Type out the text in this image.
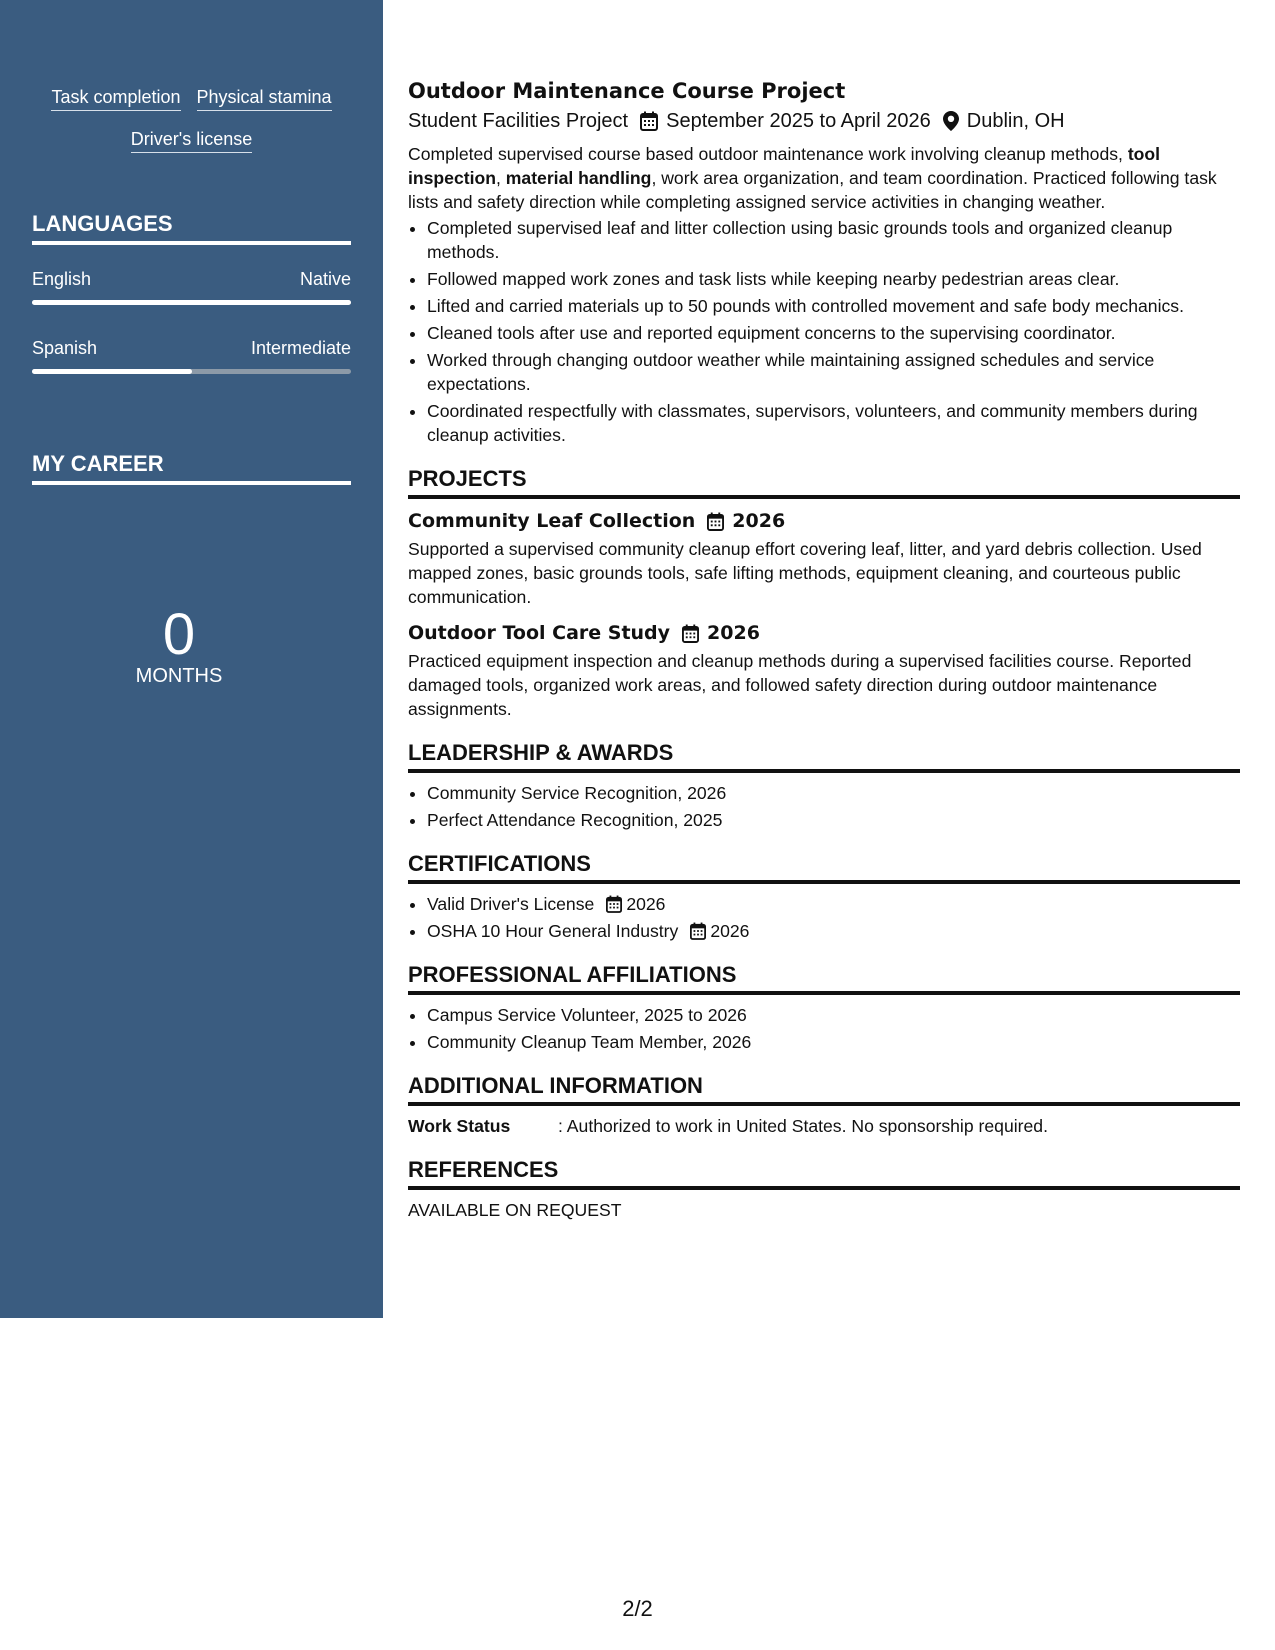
Task completion Physical stamina
Driver's license
LANGUAGES
English	Native
Spanish	Intermediate
MY CAREER
0
MONTHS
Outdoor Maintenance Course Project
Student Facilities Project September 2025 to April 2026 Dublin, OH

Completed supervised course based outdoor maintenance work involving cleanup methods, tool inspection, material handling, work area organization, and team coordination. Practiced following task lists and safety direction while completing assigned service activities in changing weather.

• Completed supervised leaf and litter collection using basic grounds tools and organized cleanup methods.
• Followed mapped work zones and task lists while keeping nearby pedestrian areas clear.
• Lifted and carried materials up to 50 pounds with controlled movement and safe body mechanics.
• Cleaned tools after use and reported equipment concerns to the supervising coordinator.
• Worked through changing outdoor weather while maintaining assigned schedules and service expectations.
• Coordinated respectfully with classmates, supervisors, volunteers, and community members during cleanup activities.
PROJECTS
Community Leaf Collection 2026

Supported a supervised community cleanup effort covering leaf, litter, and yard debris collection. Used mapped zones, basic grounds tools, safe lifting methods, equipment cleaning, and courteous public communication.

Outdoor Tool Care Study 2026

Practiced equipment inspection and cleanup methods during a supervised facilities course. Reported damaged tools, organized work areas, and followed safety direction during outdoor maintenance assignments.

LEADERSHIP & AWARDS
• Community Service Recognition, 2026
• Perfect Attendance Recognition, 2025
CERTIFICATIONS
• Valid Driver's License 2026
• OSHA 10 Hour General Industry 2026
PROFESSIONAL AFFILIATIONS
• Campus Service Volunteer, 2025 to 2026
• Community Cleanup Team Member, 2026
ADDITIONAL INFORMATION
Work Status	: Authorized to work in United States. No sponsorship required.
REFERENCES
AVAILABLE ON REQUEST
2/2
